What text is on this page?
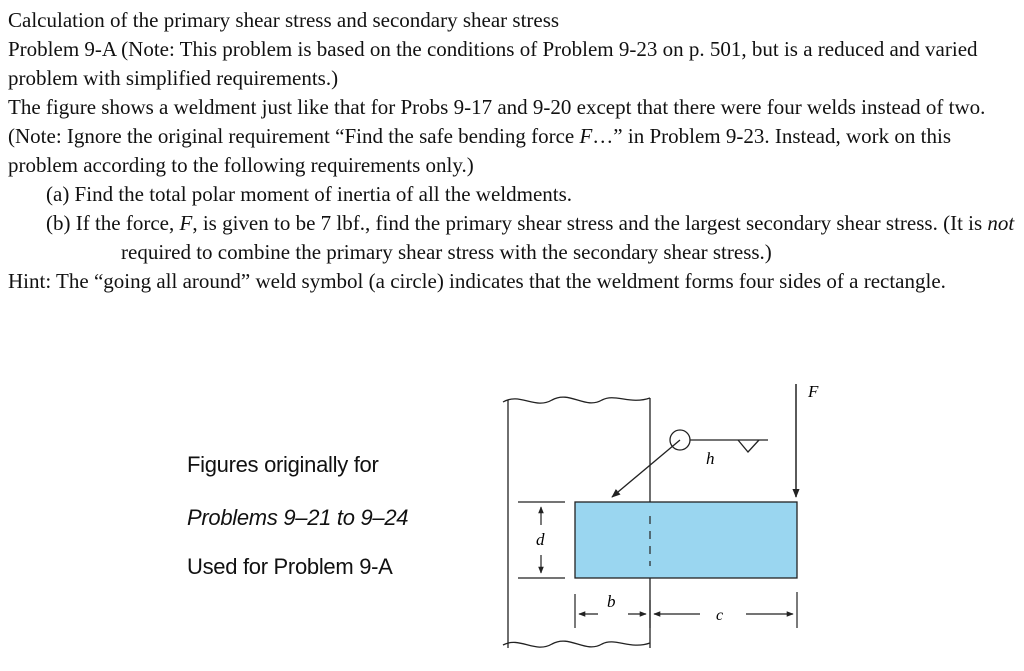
Calculation of the primary shear stress and secondary shear stress

Problem 9-A (Note: This problem is based on the conditions of Problem 9-23 on p. 501, but is a reduced and varied problem with simplified requirements.)

The figure shows a weldment just like that for Probs 9-17 and 9-20 except that there were four welds instead of two. (Note: Ignore the original requirement “Find the safe bending force F…” in Problem 9-23. Instead, work on this problem according to the following requirements only.)

(a) Find the total polar moment of inertia of all the weldments.

(b) If the force, F, is given to be 7 lbf., find the primary shear stress and the largest secondary shear stress. (It is not required to combine the primary shear stress with the secondary shear stress.)

Hint: The “going all around” weld symbol (a circle) indicates that the weldment forms four sides of a rectangle.

Figures originally for
Problems 9–21 to 9–24
Used for Problem 9-A
F
h
d
b
c
